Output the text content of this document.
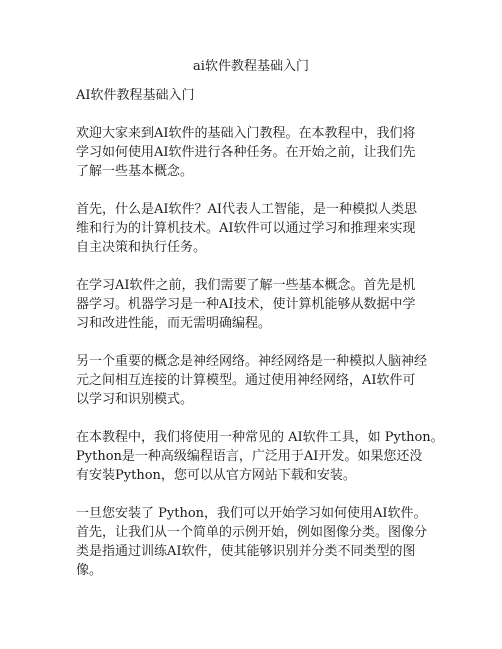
ai软件教程基础入门

AI软件教程基础入门

欢迎大家来到AI软件的基础入门教程。在本教程中，我们将
学习如何使用AI软件进行各种任务。在开始之前，让我们先
了解一些基本概念。

首先，什么是AI软件？AI代表人工智能，是一种模拟人类思
维和行为的计算机技术。AI软件可以通过学习和推理来实现
自主决策和执行任务。

在学习AI软件之前，我们需要了解一些基本概念。首先是机
器学习。机器学习是一种AI技术，使计算机能够从数据中学
习和改进性能，而无需明确编程。

另一个重要的概念是神经网络。神经网络是一种模拟人脑神经
元之间相互连接的计算模型。通过使用神经网络，AI软件可
以学习和识别模式。

在本教程中，我们将使用一种常见的 AI软件工具，如 Python。
Python是一种高级编程语言，广泛用于AI开发。如果您还没
有安装Python，您可以从官方网站下载和安装。

一旦您安装了 Python，我们可以开始学习如何使用AI软件。
首先，让我们从一个简单的示例开始，例如图像分类。图像分
类是指通过训练AI软件，使其能够识别并分类不同类型的图
像。
